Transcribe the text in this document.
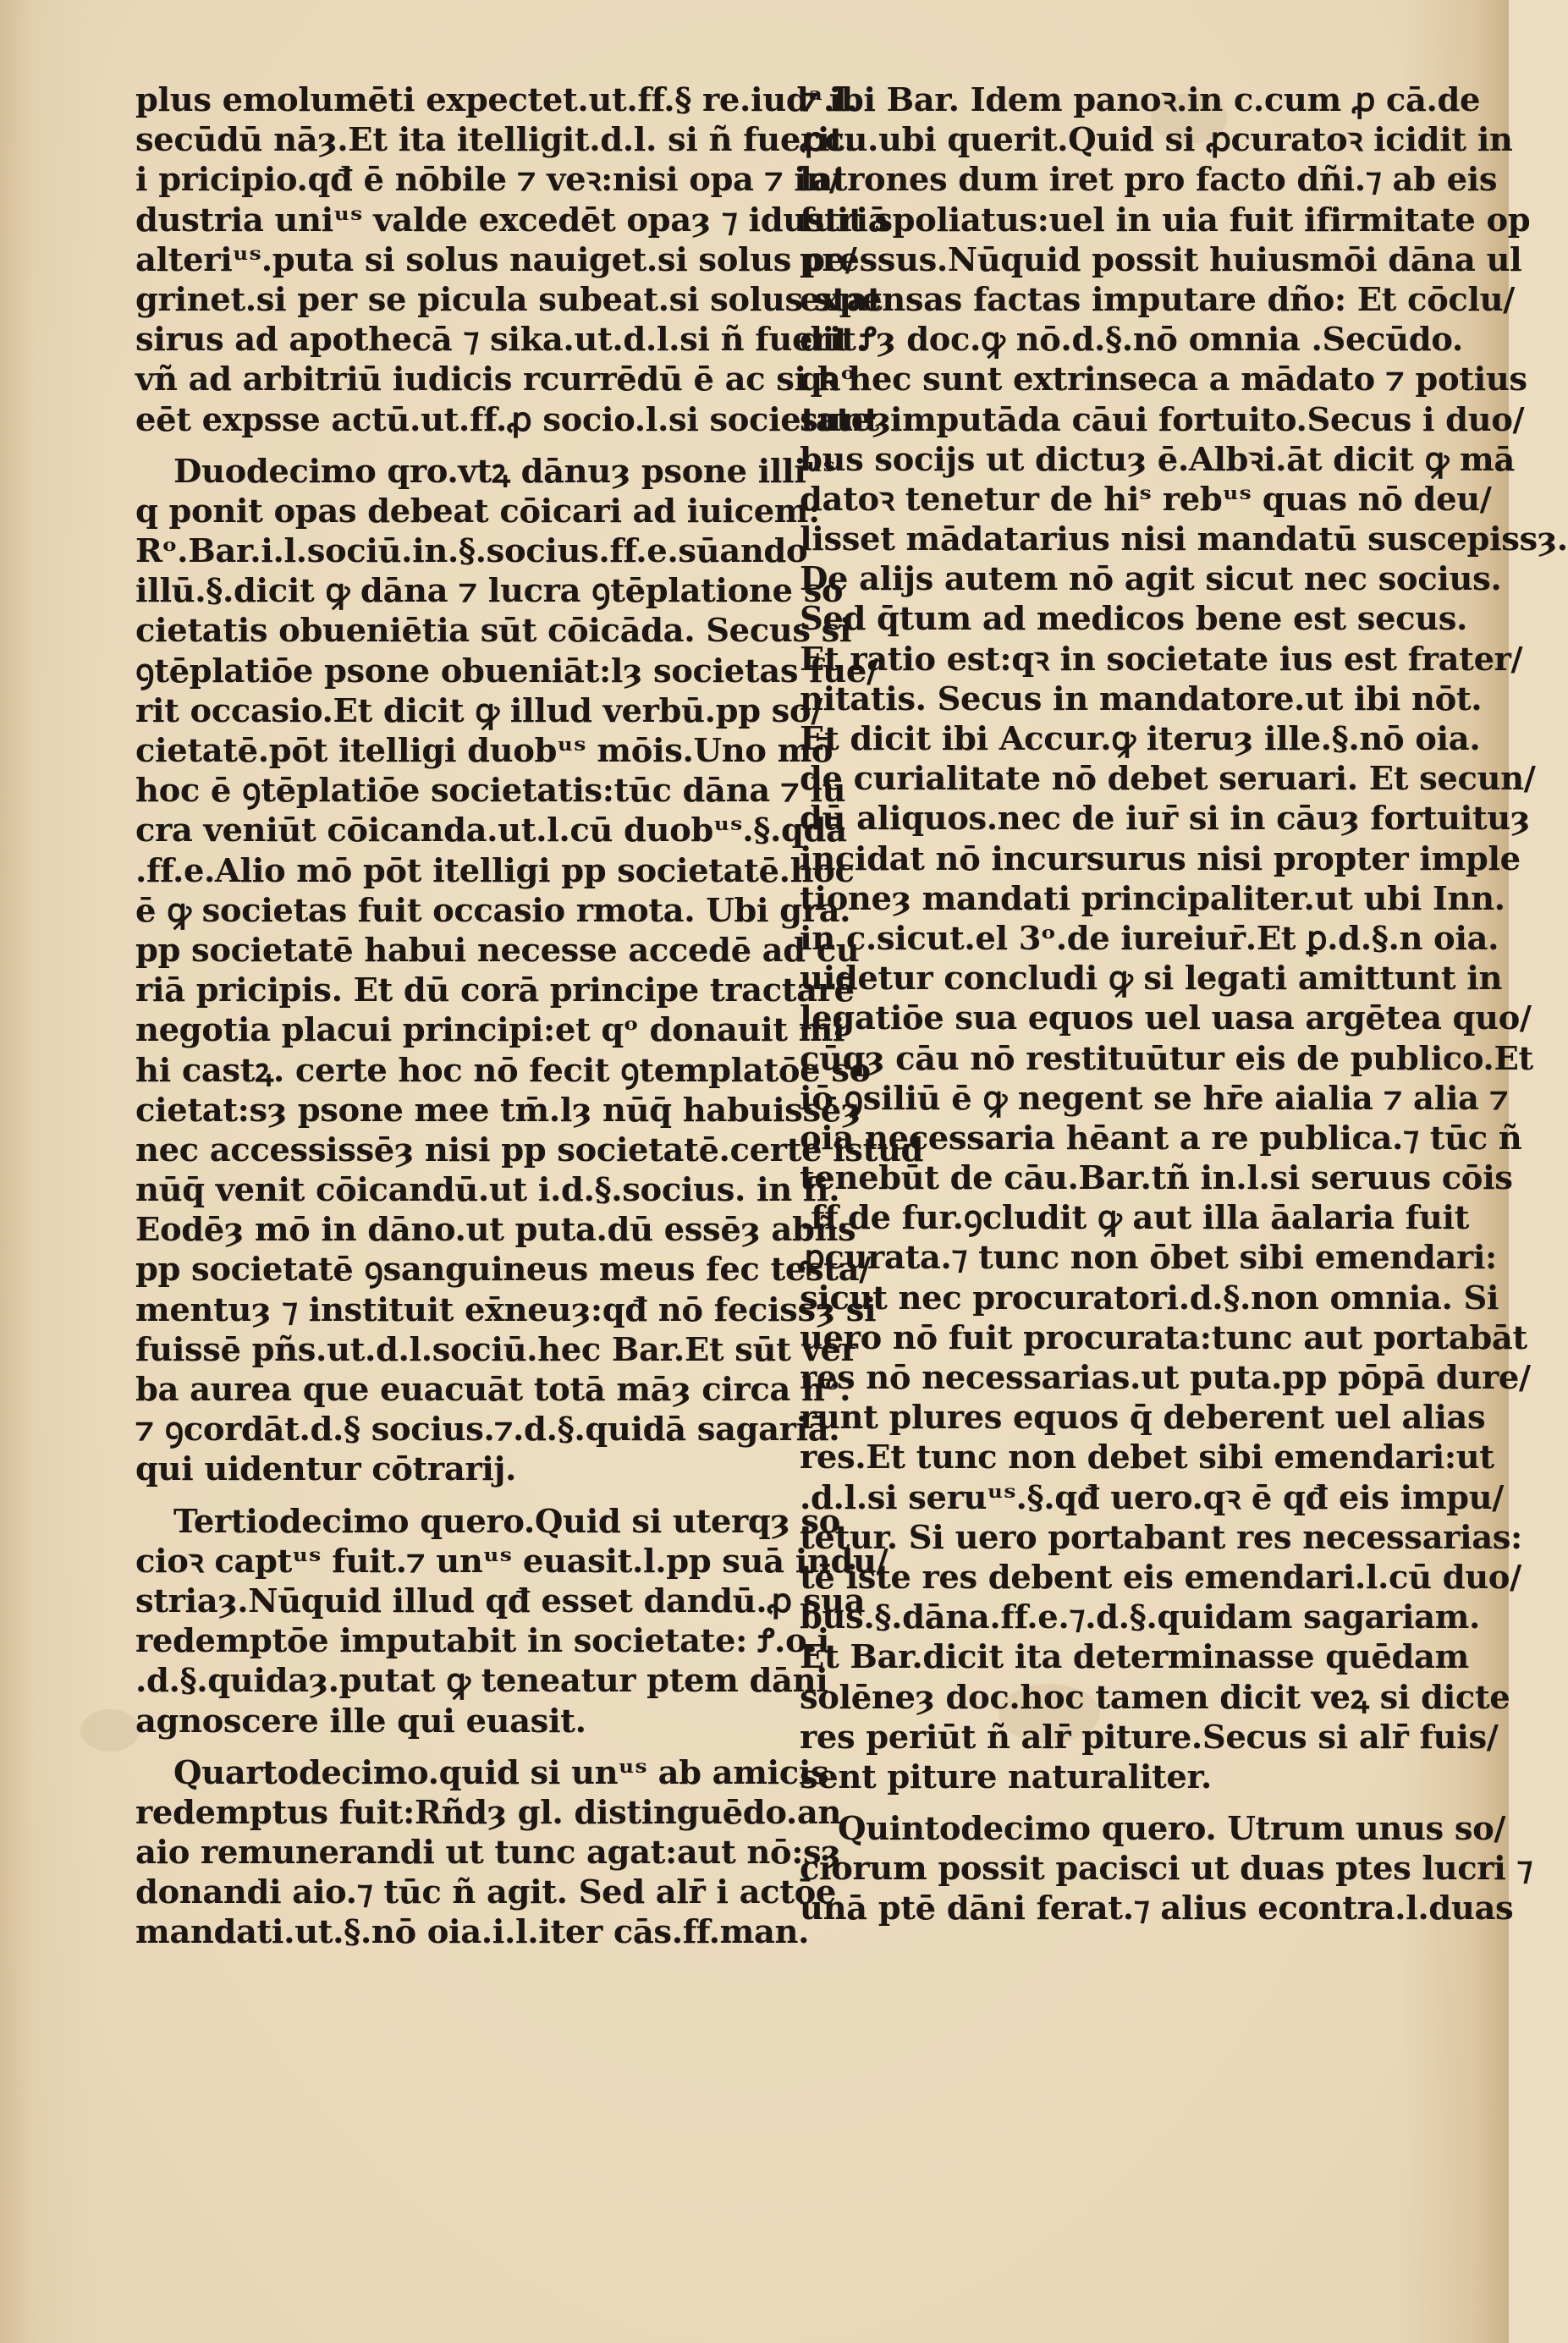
plus emolumēti expectet.ut.ff.§ re.iudᵃ.l.
secūdū nāȝ.Et ita itelligit.d.l. si ñ fuerit.
i pricipio.qđ ē nōbile ⁊ veꝛ:nisi opa ⁊ in/
dustria uniᵘˢ valde excedēt opaȝ ⁊ idustriā
alteriᵘˢ.puta si solus nauiget.si solus pe/
grinet.si per se picula subeat.si solus stat
sirus ad apothecā ⁊ sika.ut.d.l.si ñ fuerit.
vñ ad arbitriū iudicis rcurrēdū ē ac si hᵒ
eēt expsse actū.ut.ff.ꝓ socio.l.si societateȝ.
Duodecimo qro.vtꝝ dānuȝ psone illiᵘˢ
q ponit opas debeat cōicari ad iuicem:
Rᵒ.Bar.i.l.sociū.in.§.socius.ff.e.sūando
illū.§.dicit ꝙ dāna ⁊ lucra ꝯtēplatione so
cietatis obueniētia sūt cōicāda. Secus si
ꝯtēplatiōe psone obueniāt:lȝ societas fue/
rit occasio.Et dicit ꝙ illud verbū.pp so/
cietatē.pōt itelligi duobᵘˢ mōis.Uno mō
hoc ē ꝯtēplatiōe societatis:tūc dāna ⁊ lu
cra veniūt cōicanda.ut.l.cū duobᵘˢ.§.qdā
.ff.e.Alio mō pōt itelligi pp societatē.hoc
ē ꝙ societas fuit occasio rmota. Ubi gra.
pp societatē habui necesse accedē ad cu
riā pricipis. Et dū corā principe tractarē
negotia placui principi:et qᵒ donauit mi
hi castꝝ. certe hoc nō fecit ꝯtemplatōe so
cietat:sȝ psone mee tm̄.lȝ nūq̄ habuissēȝ
nec accessissēȝ nisi pp societatē.certe istud
nūq̄ venit cōicandū.ut i.d.§.socius. in fi.
Eodēȝ mō in dāno.ut puta.dū essēȝ abñs
pp societatē ꝯsanguineus meus fec testa/
mentuȝ ⁊ instituit ex̄neuȝ:qđ nō fecissȝ si
fuissē pñs.ut.d.l.sociū.hec Bar.Et sūt ver
ba aurea que euacuāt totā māȝ circa hᵒ.
⁊ ꝯcordāt.d.§ socius.⁊.d.§.quidā sagariā.
qui uidentur cōtrarij.
Tertiodecimo quero.Quid si uterqȝ so
cioꝛ captᵘˢ fuit.⁊ unᵘˢ euasit.l.pp suā indu/
striaȝ.Nūquid illud qđ esset dandū.ꝓ sua
redemptōe imputabit in societate: Ꝭ.o.i
.d.§.quidaȝ.putat ꝙ teneatur ptem dāni
agnoscere ille qui euasit.
Quartodecimo.quid si unᵘˢ ab amicis
redemptus fuit:Rñdȝ gl. distinguēdo.an
aio remunerandi ut tunc agat:aut nō:sȝ
donandi aio.⁊ tūc ñ agit. Sed alr̄ i actōe
mandati.ut.§.nō oia.i.l.iter cās.ff.man.
⁊ ibi Bar. Idem panoꝛ.in c.cum ꝓ cā.de
ꝓcu.ubi querit.Quid si ꝓcuratoꝛ icidit in
latrones dum iret pro facto dñi.⁊ ab eis
fuit spoliatus:uel in uia fuit ifirmitate op
pressus.Nūquid possit huiusmōi dāna ul
expensas factas imputare dño: Et cōclu/
dit Ꝭȝ doc.ꝙ nō.d.§.nō omnia .Secūdo.
qꝛ hec sunt extrinseca a mādato ⁊ potius
sunt imputāda cāui fortuito.Secus i duo/
bus socijs ut dictuȝ ē.Albꝛi.āt dicit ꝙ mā
datoꝛ tenetur de hiˢ rebᵘˢ quas nō deu/
lisset mādatarius nisi mandatū suscepissȝ.
De alijs autem nō agit sicut nec socius.
Sed q̄tum ad medicos bene est secus.
Et ratio est:qꝛ in societate ius est frater/
nitatis. Secus in mandatore.ut ibi nōt.
Et dicit ibi Accur.ꝙ iteruȝ ille.§.nō oia.
de curialitate nō debet seruari. Et secun/
dū aliquos.nec de iur̄ si in cāuȝ fortuituȝ
incidat nō incursurus nisi propter imple
tioneȝ mandati principaliter.ut ubi Inn.
in c.sicut.el 3ᵒ.de iureiur̄.Et ꝑ.d.§.n oia.
uidetur concludi ꝙ si legati amittunt in
legatiōe sua equos uel uasa argētea quo/
cūqȝ cāu nō restituūtur eis de publico.Et
iō ꝯsiliū ē ꝙ negent se hr̄e aialia ⁊ alia ⁊
oia necessaria hēant a re publica.⁊ tūc ñ
tenebūt de cāu.Bar.tñ in.l.si seruus cōis
.ff.de fur.ꝯcludit ꝙ aut illa āalaria fuit
ꝓcurata.⁊ tunc non ōbet sibi emendari:
sicut nec procuratori.d.§.non omnia. Si
uero nō fuit procurata:tunc aut portabāt
res nō necessarias.ut puta.pp pōpā dure/
runt plures equos q̄ deberent uel alias
res.Et tunc non debet sibi emendari:ut
.d.l.si seruᵘˢ.§.qđ uero.qꝛ ē qđ eis impu/
tetur. Si uero portabant res necessarias:
tē iste res debent eis emendari.l.cū duo/
bus.§.dāna.ff.e.⁊.d.§.quidam sagariam.
Et Bar.dicit ita determinasse quēdam
solēneȝ doc.hoc tamen dicit veꝝ si dicte
res periūt ñ alr̄ piture.Secus si alr̄ fuis/
sent piture naturaliter.
Quintodecimo quero. Utrum unus so/
ciorum possit pacisci ut duas ptes lucri ⁊
unā ptē dāni ferat.⁊ alius econtra.l.duas
